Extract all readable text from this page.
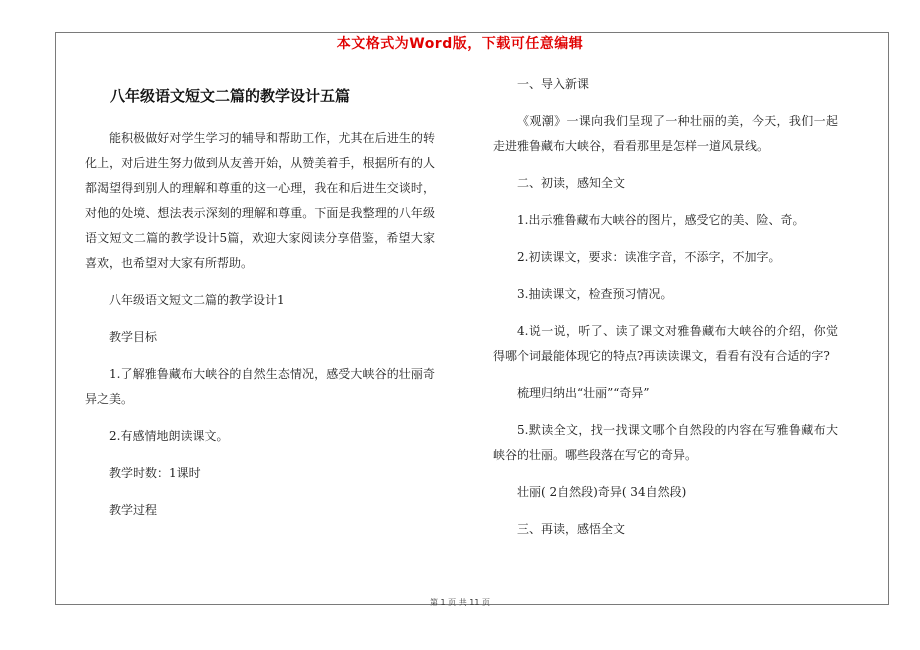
本文格式为Word版，下载可任意编辑
八年级语文短文二篇的教学设计五篇

能积极做好对学生学习的辅导和帮助工作，尤其在后进生的转化上，对后进生努力做到从友善开始，从赞美着手，根据所有的人都渴望得到别人的理解和尊重的这一心理，我在和后进生交谈时，对他的处境、想法表示深刻的理解和尊重。下面是我整理的八年级语文短文二篇的教学设计5篇，欢迎大家阅读分享借鉴，希望大家喜欢，也希望对大家有所帮助。

八年级语文短文二篇的教学设计1

教学目标

1.了解雅鲁藏布大峡谷的自然生态情况，感受大峡谷的壮丽奇异之美。

2.有感情地朗读课文。

教学时数：1课时

教学过程

一、导入新课

《观潮》一课向我们呈现了一种壮丽的美，今天，我们一起走进雅鲁藏布大峡谷，看看那里是怎样一道风景线。

二、初读，感知全文

1.出示雅鲁藏布大峡谷的图片，感受它的美、险、奇。

2.初读课文，要求：读准字音，不添字，不加字。

3.抽读课文，检查预习情况。

4.说一说，听了、读了课文对雅鲁藏布大峡谷的介绍，你觉得哪个词最能体现它的特点?再读读课文，看看有没有合适的字?

梳理归纳出“壮丽”“奇异”

5.默读全文，找一找课文哪个自然段的内容在写雅鲁藏布大峡谷的壮丽。哪些段落在写它的奇异。

壮丽( 2自然段)奇异( 34自然段)

三、再读，感悟全文

第 1 页 共 11 页
